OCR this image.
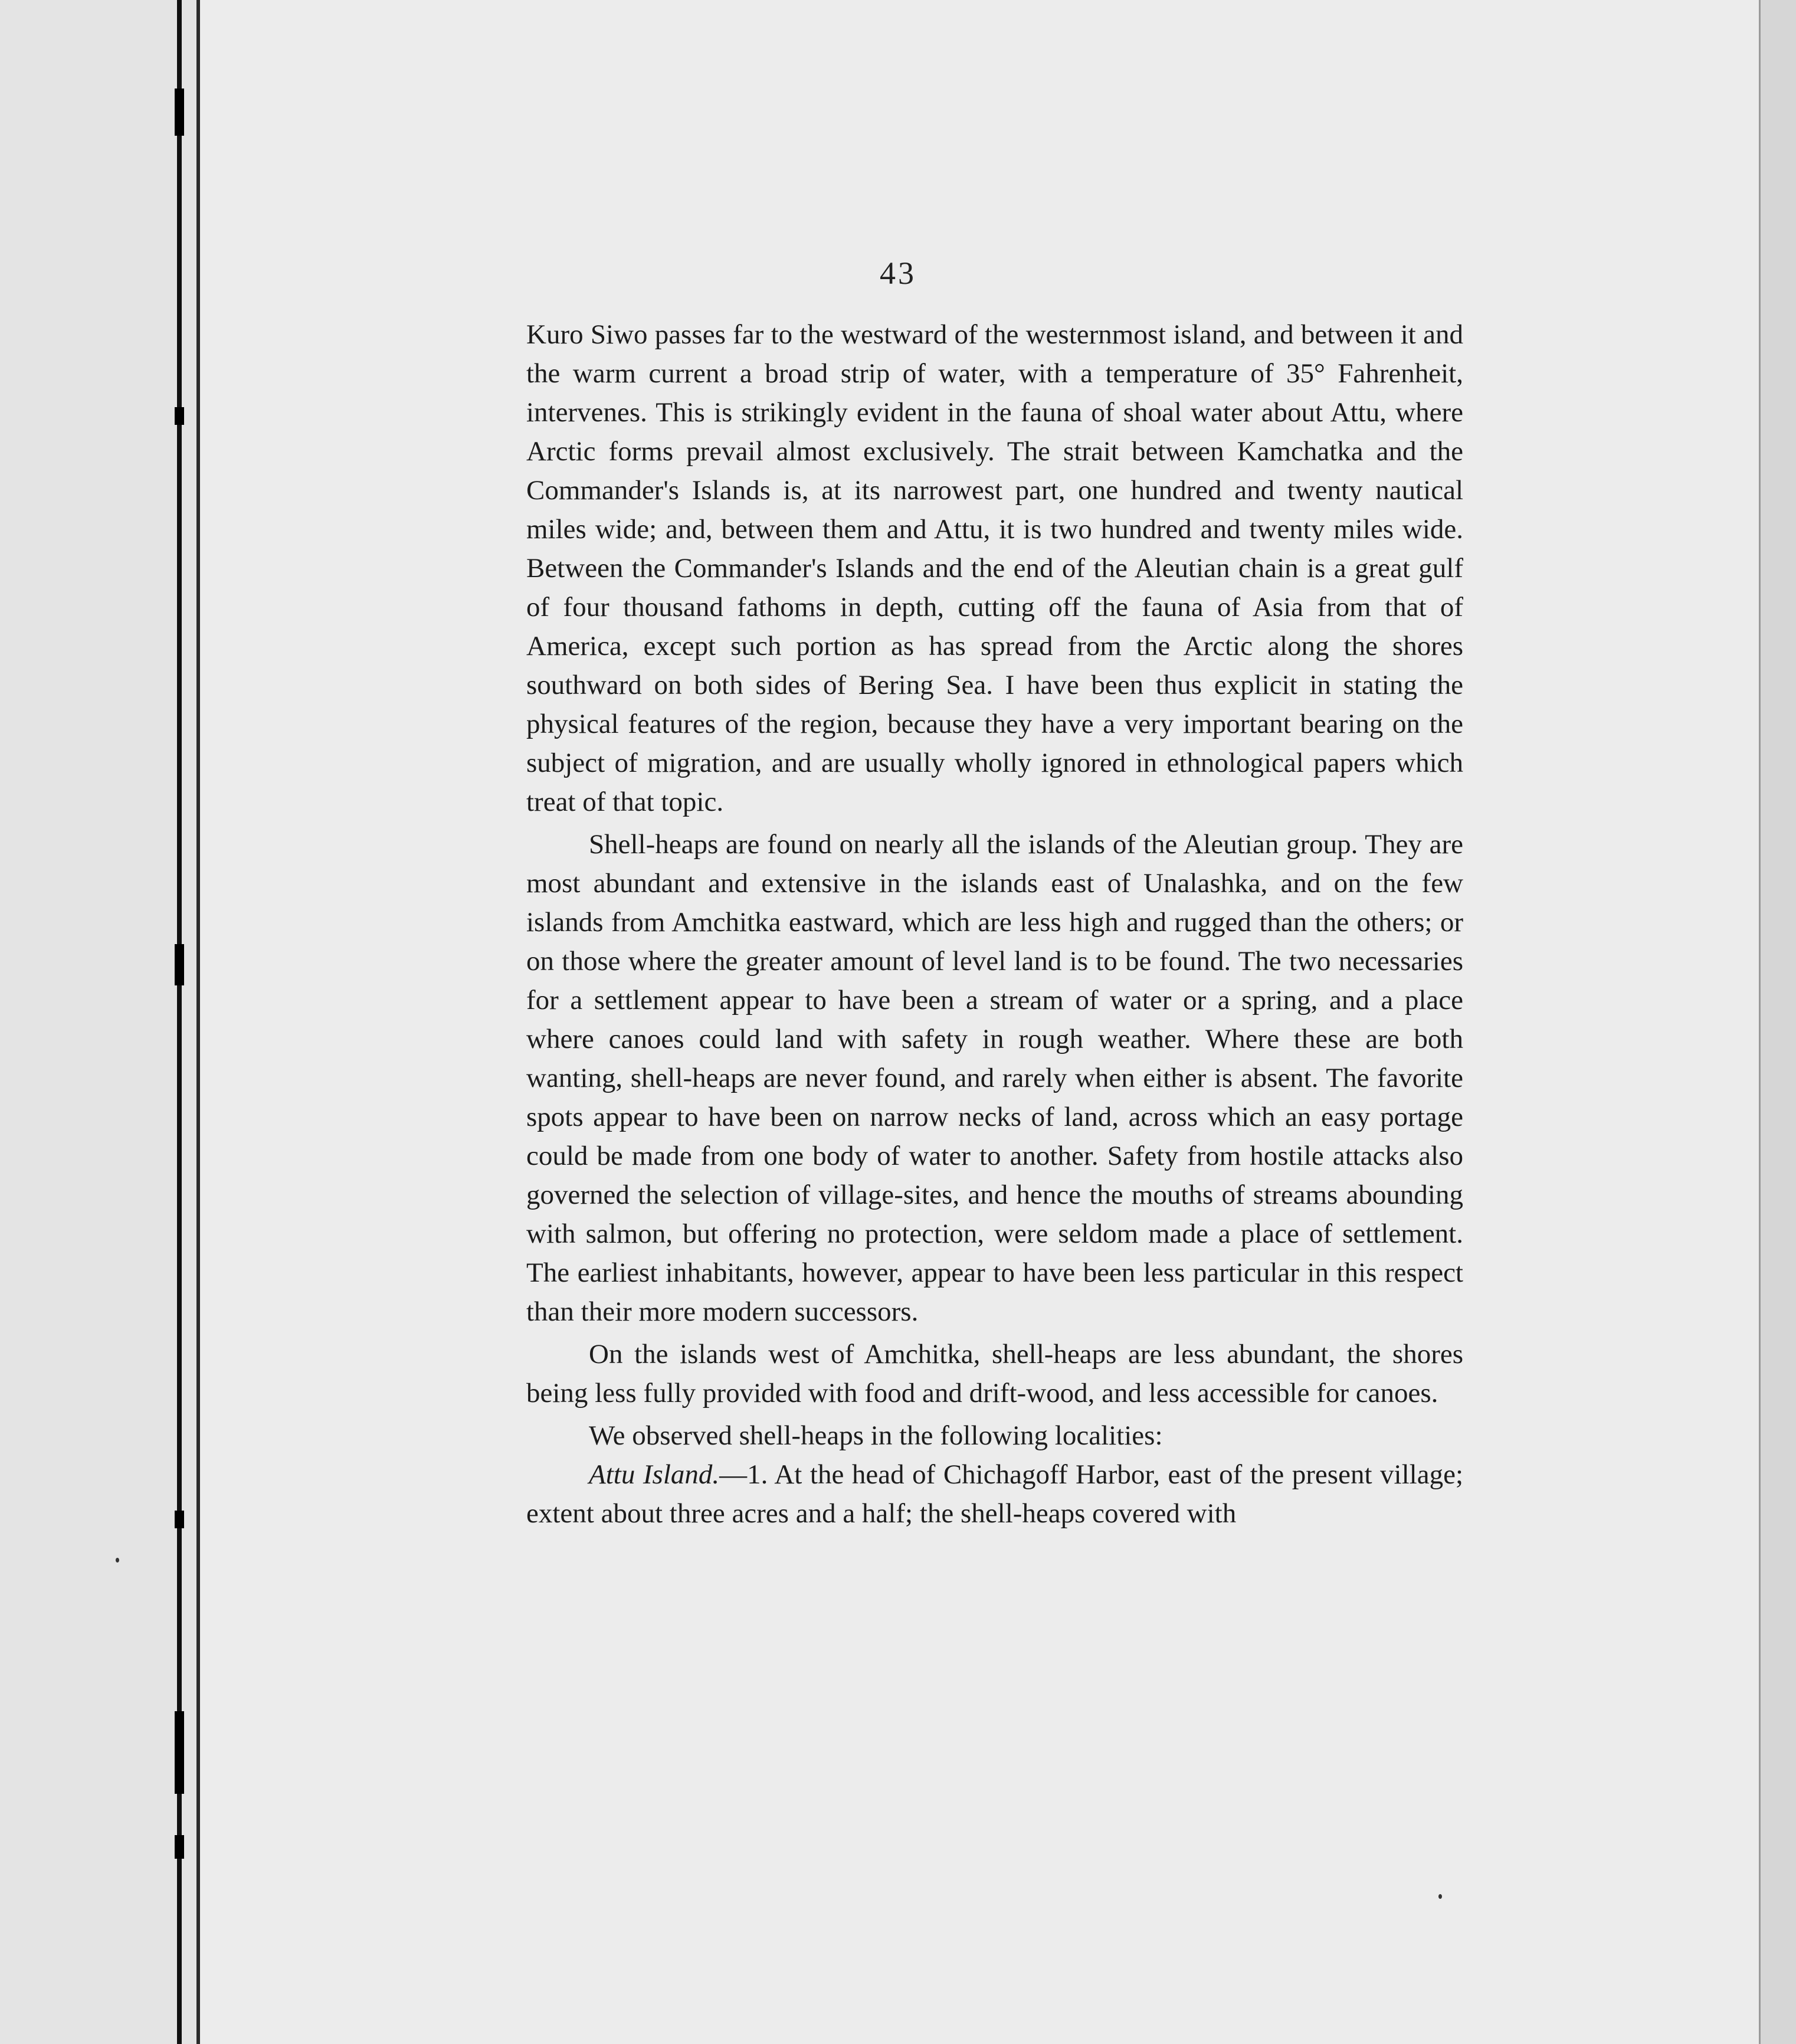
43

Kuro Siwo passes far to the westward of the westernmost island, and between it and the warm current a broad strip of water, with a temperature of 35° Fahrenheit, intervenes. This is strikingly evident in the fauna of shoal water about Attu, where Arctic forms prevail almost exclusively. The strait between Kamchatka and the Commander's Islands is, at its narrowest part, one hundred and twenty nautical miles wide; and, between them and Attu, it is two hundred and twenty miles wide. Between the Commander's Islands and the end of the Aleutian chain is a great gulf of four thousand fathoms in depth, cutting off the fauna of Asia from that of America, except such portion as has spread from the Arctic along the shores southward on both sides of Bering Sea. I have been thus explicit in stating the physical features of the region, because they have a very important bearing on the subject of migration, and are usually wholly ignored in ethnological papers which treat of that topic.

Shell-heaps are found on nearly all the islands of the Aleutian group. They are most abundant and extensive in the islands east of Unalashka, and on the few islands from Amchitka eastward, which are less high and rugged than the others; or on those where the greater amount of level land is to be found. The two necessaries for a settlement appear to have been a stream of water or a spring, and a place where canoes could land with safety in rough weather. Where these are both wanting, shell-heaps are never found, and rarely when either is absent. The favorite spots appear to have been on narrow necks of land, across which an easy portage could be made from one body of water to another. Safety from hostile attacks also governed the selection of village-sites, and hence the mouths of streams abounding with salmon, but offering no protection, were seldom made a place of settlement. The earliest inhabitants, however, appear to have been less particular in this respect than their more modern successors.

On the islands west of Amchitka, shell-heaps are less abundant, the shores being less fully provided with food and drift-wood, and less accessible for canoes.

We observed shell-heaps in the following localities:

Attu Island.—1. At the head of Chichagoff Harbor, east of the present village; extent about three acres and a half; the shell-heaps covered with
